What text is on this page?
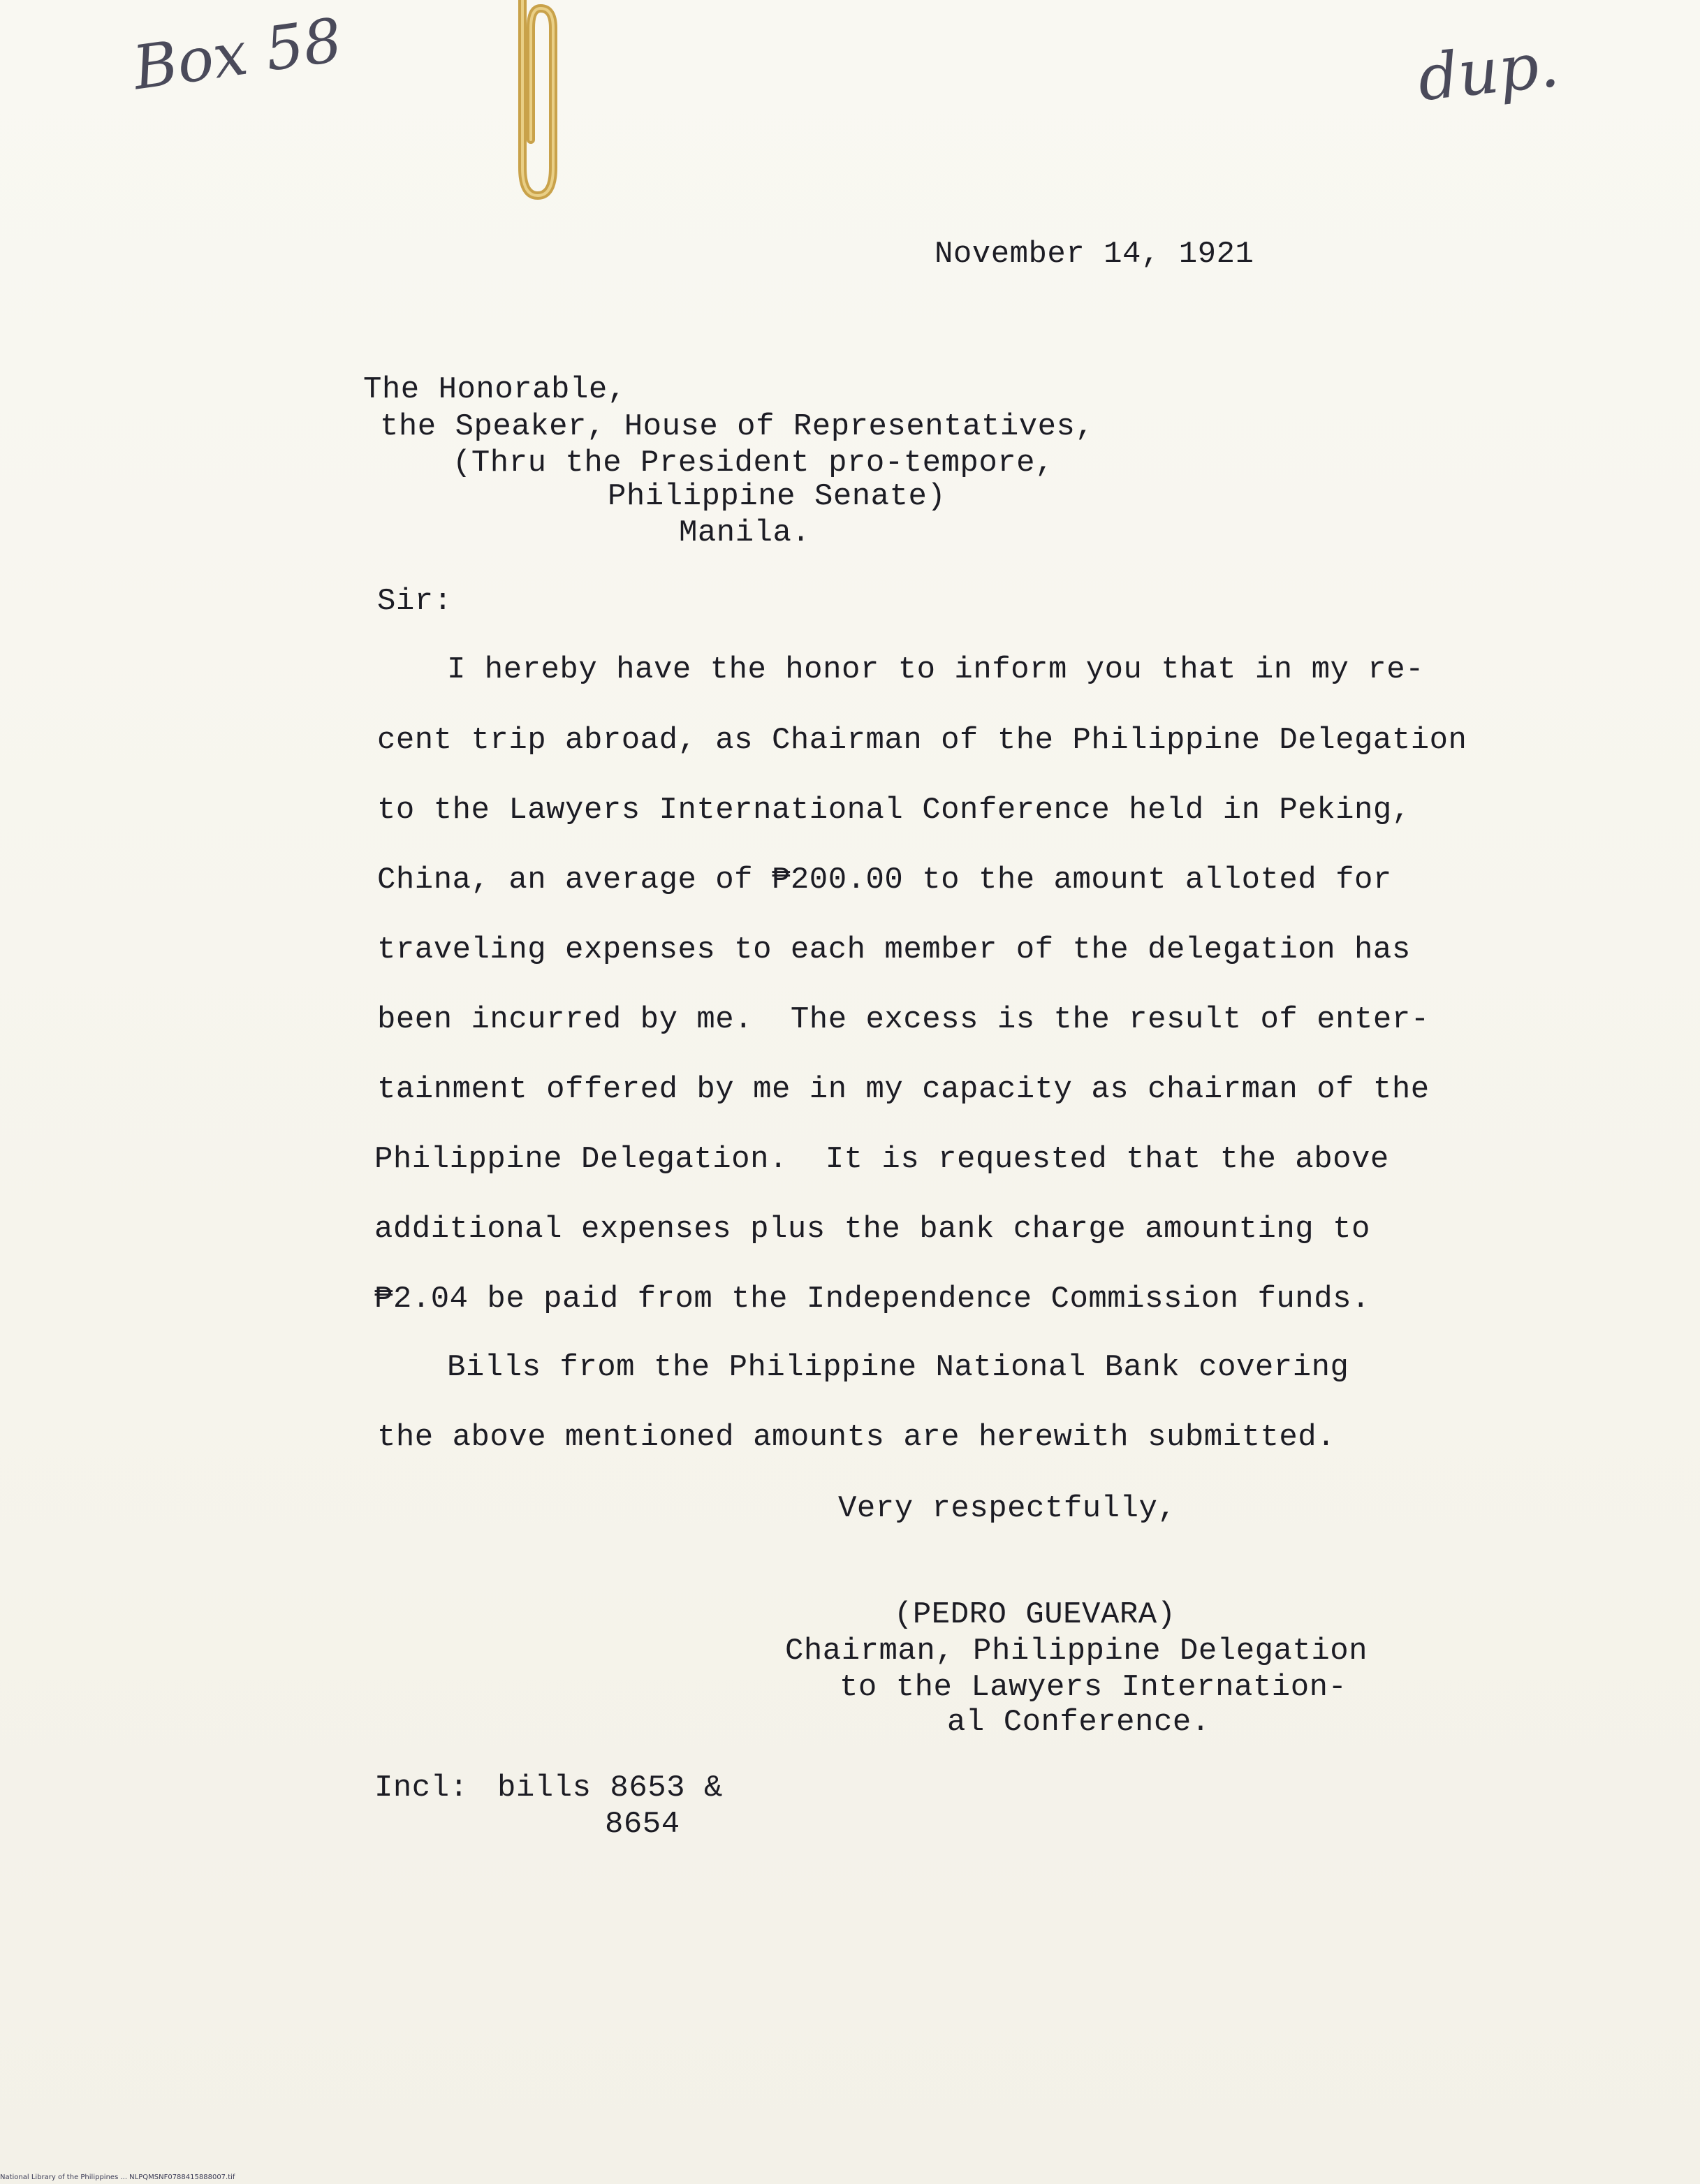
Box 58	dup.
November 14, 1921
The Honorable,
the Speaker, House of Representatives,
(Thru the President pro-tempore,
Philippine Senate)
Manila.
Sir:
I hereby have the honor to inform you that in my re-
cent trip abroad, as Chairman of the Philippine Delegation
to the Lawyers International Conference held in Peking,
China, an average of ₱200.00 to the amount alloted for
traveling expenses to each member of the delegation has
been incurred by me.  The excess is the result of enter-
tainment offered by me in my capacity as chairman of the
Philippine Delegation.  It is requested that the above
additional expenses plus the bank charge amounting to
₱2.04 be paid from the Independence Commission funds.
Bills from the Philippine National Bank covering
the above mentioned amounts are herewith submitted.
Very respectfully,
(PEDRO GUEVARA)
Chairman, Philippine Delegation
to the Lawyers Internation-
al Conference.
Incl: bills 8653 &
8654
National Library of the Philippines ... NLPQMSNF0788415888007.tif
